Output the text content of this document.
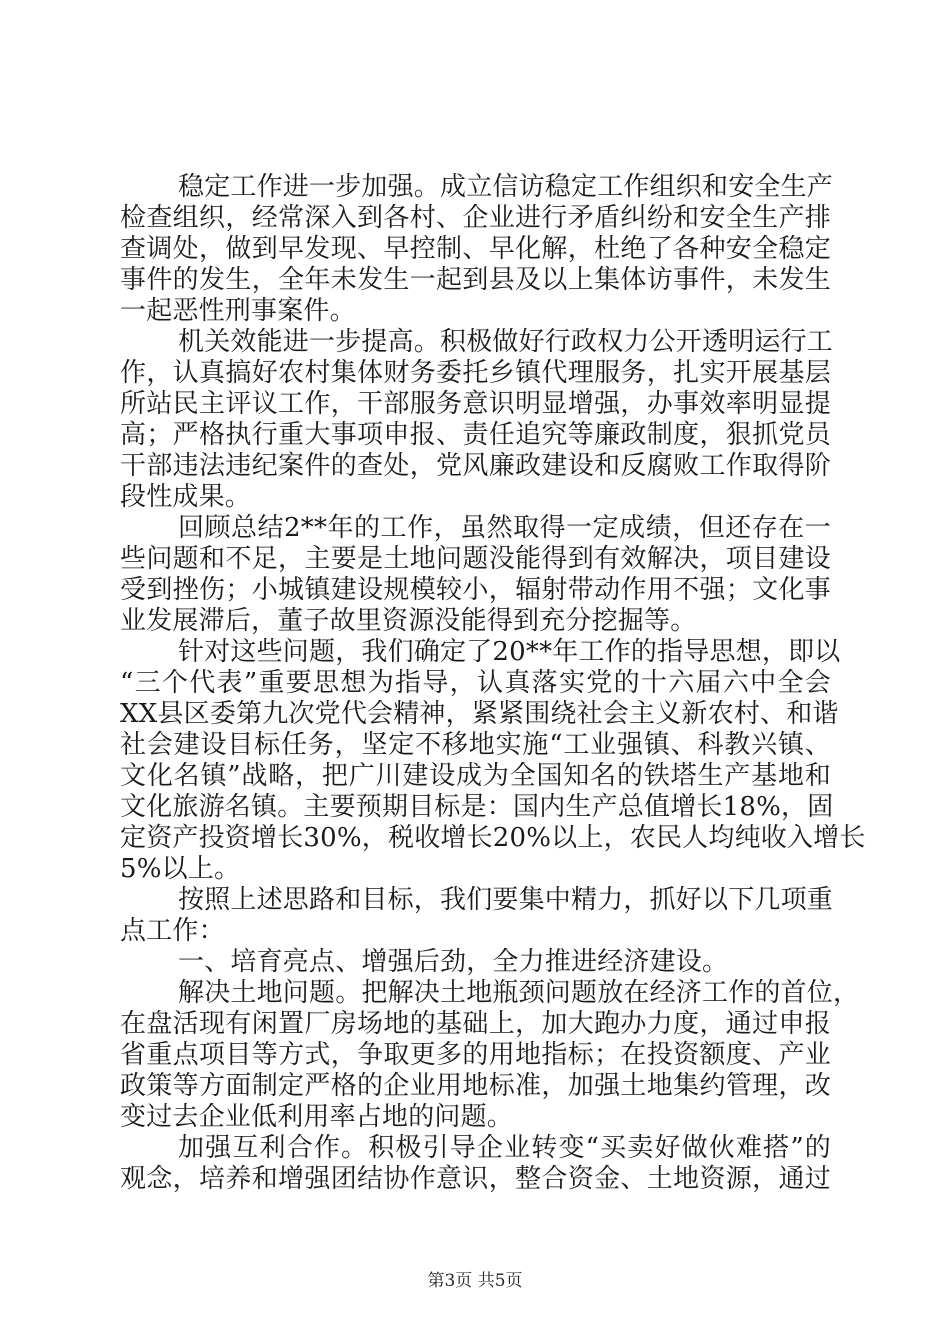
稳定工作进一步加强。成立信访稳定工作组织和安全生产
检查组织，经常深入到各村、企业进行矛盾纠纷和安全生产排
查调处，做到早发现、早控制、早化解，杜绝了各种安全稳定
事件的发生，全年未发生一起到县及以上集体访事件，未发生
一起恶性刑事案件。
机关效能进一步提高。积极做好行政权力公开透明运行工
作，认真搞好农村集体财务委托乡镇代理服务，扎实开展基层
所站民主评议工作，干部服务意识明显增强，办事效率明显提
高；严格执行重大事项申报、责任追究等廉政制度，狠抓党员
干部违法违纪案件的查处，党风廉政建设和反腐败工作取得阶
段性成果。
回顾总结2**年的工作，虽然取得一定成绩，但还存在一
些问题和不足，主要是土地问题没能得到有效解决，项目建设
受到挫伤；小城镇建设规模较小，辐射带动作用不强；文化事
业发展滞后，董子故里资源没能得到充分挖掘等。
针对这些问题，我们确定了20**年工作的指导思想，即以
“三个代表”重要思想为指导，认真落实党的十六届六中全会
XX县区委第九次党代会精神，紧紧围绕社会主义新农村、和谐
社会建设目标任务，坚定不移地实施“工业强镇、科教兴镇、
文化名镇”战略，把广川建设成为全国知名的铁塔生产基地和
文化旅游名镇。主要预期目标是：国内生产总值增长18%，固
定资产投资增长30%，税收增长20%以上，农民人均纯收入增长
5%以上。
按照上述思路和目标，我们要集中精力，抓好以下几项重
点工作：
一、培育亮点、增强后劲，全力推进经济建设。
解决土地问题。把解决土地瓶颈问题放在经济工作的首位，
在盘活现有闲置厂房场地的基础上，加大跑办力度，通过申报
省重点项目等方式，争取更多的用地指标；在投资额度、产业
政策等方面制定严格的企业用地标准，加强土地集约管理，改
变过去企业低利用率占地的问题。
加强互利合作。积极引导企业转变“买卖好做伙难搭”的
观念，培养和增强团结协作意识，整合资金、土地资源，通过
第3页 共5页
